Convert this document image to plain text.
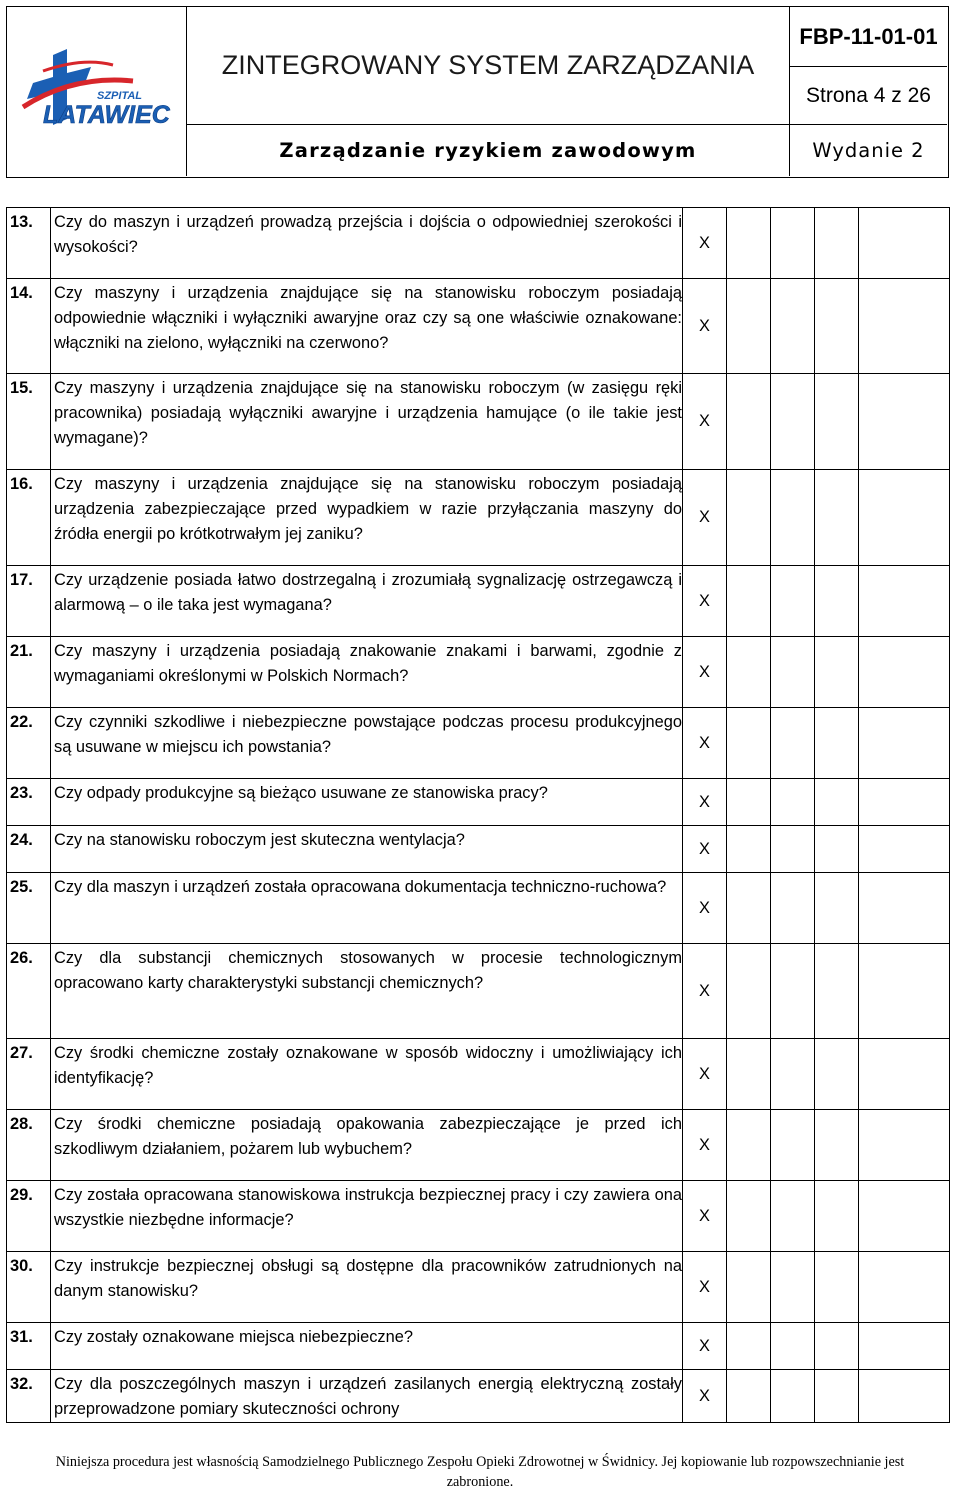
SZPITAL
LATAWIEC
ZINTEGROWANY SYSTEM ZARZĄDZANIA
FBP-11-01-01
Strona 4 z 26
Zarządzanie ryzykiem zawodowym	Wydanie 2
13.	Czy do maszyn i urządzeń prowadzą przejścia i dojścia o odpowiedniej szerokości i wysokości?	X				
14.	Czy maszyny i urządzenia znajdujące się na stanowisku roboczym posiadają odpowiednie włączniki i wyłączniki awaryjne oraz czy są one właściwie oznakowane: włączniki na zielono, wyłączniki na czerwono?	X				
15.	Czy maszyny i urządzenia znajdujące się na stanowisku roboczym (w zasięgu ręki pracownika) posiadają wyłączniki awaryjne i urządzenia hamujące (o ile takie jest wymagane)?	X				
16.	Czy maszyny i urządzenia znajdujące się na stanowisku roboczym posiadają urządzenia zabezpieczające przed wypadkiem w razie przyłączania maszyny do źródła energii po krótkotrwałym jej zaniku?	X				
17.	Czy urządzenie posiada łatwo dostrzegalną i zrozumiałą sygnalizację ostrzegawczą i alarmową – o ile taka jest wymagana?	X				
21.	Czy maszyny i urządzenia posiadają znakowanie znakami i barwami, zgodnie z wymaganiami określonymi w Polskich Normach?	X				
22.	Czy czynniki szkodliwe i niebezpieczne powstające podczas procesu produkcyjnego są usuwane w miejscu ich powstania?	X				
23.	Czy odpady produkcyjne są bieżąco usuwane ze stanowiska pracy?	X				
24.	Czy na stanowisku roboczym jest skuteczna wentylacja?	X				
25.	Czy dla maszyn i urządzeń została opracowana dokumentacja techniczno-ruchowa?	X				
26.	Czy dla substancji chemicznych stosowanych w procesie technologicznym opracowano karty charakterystyki substancji chemicznych?	X				
27.	Czy środki chemiczne zostały oznakowane w sposób widoczny i umożliwiający ich identyfikację?	X				
28.	Czy środki chemiczne posiadają opakowania zabezpieczające je przed ich szkodliwym działaniem, pożarem lub wybuchem?	X				
29.	Czy została opracowana stanowiskowa instrukcja bezpiecznej pracy i czy zawiera ona wszystkie niezbędne informacje?	X				
30.	Czy instrukcje bezpiecznej obsługi są dostępne dla pracowników zatrudnionych na danym stanowisku?	X				
31.	Czy zostały oznakowane miejsca niebezpieczne?	X				
32.	Czy dla poszczególnych maszyn i urządzeń zasilanych energią elektryczną zostały przeprowadzone pomiary skuteczności ochrony	X				
Niniejsza procedura jest własnością Samodzielnego Publicznego Zespołu Opieki Zdrowotnej w Świdnicy. Jej kopiowanie lub rozpowszechnianie jest
zabronione.
